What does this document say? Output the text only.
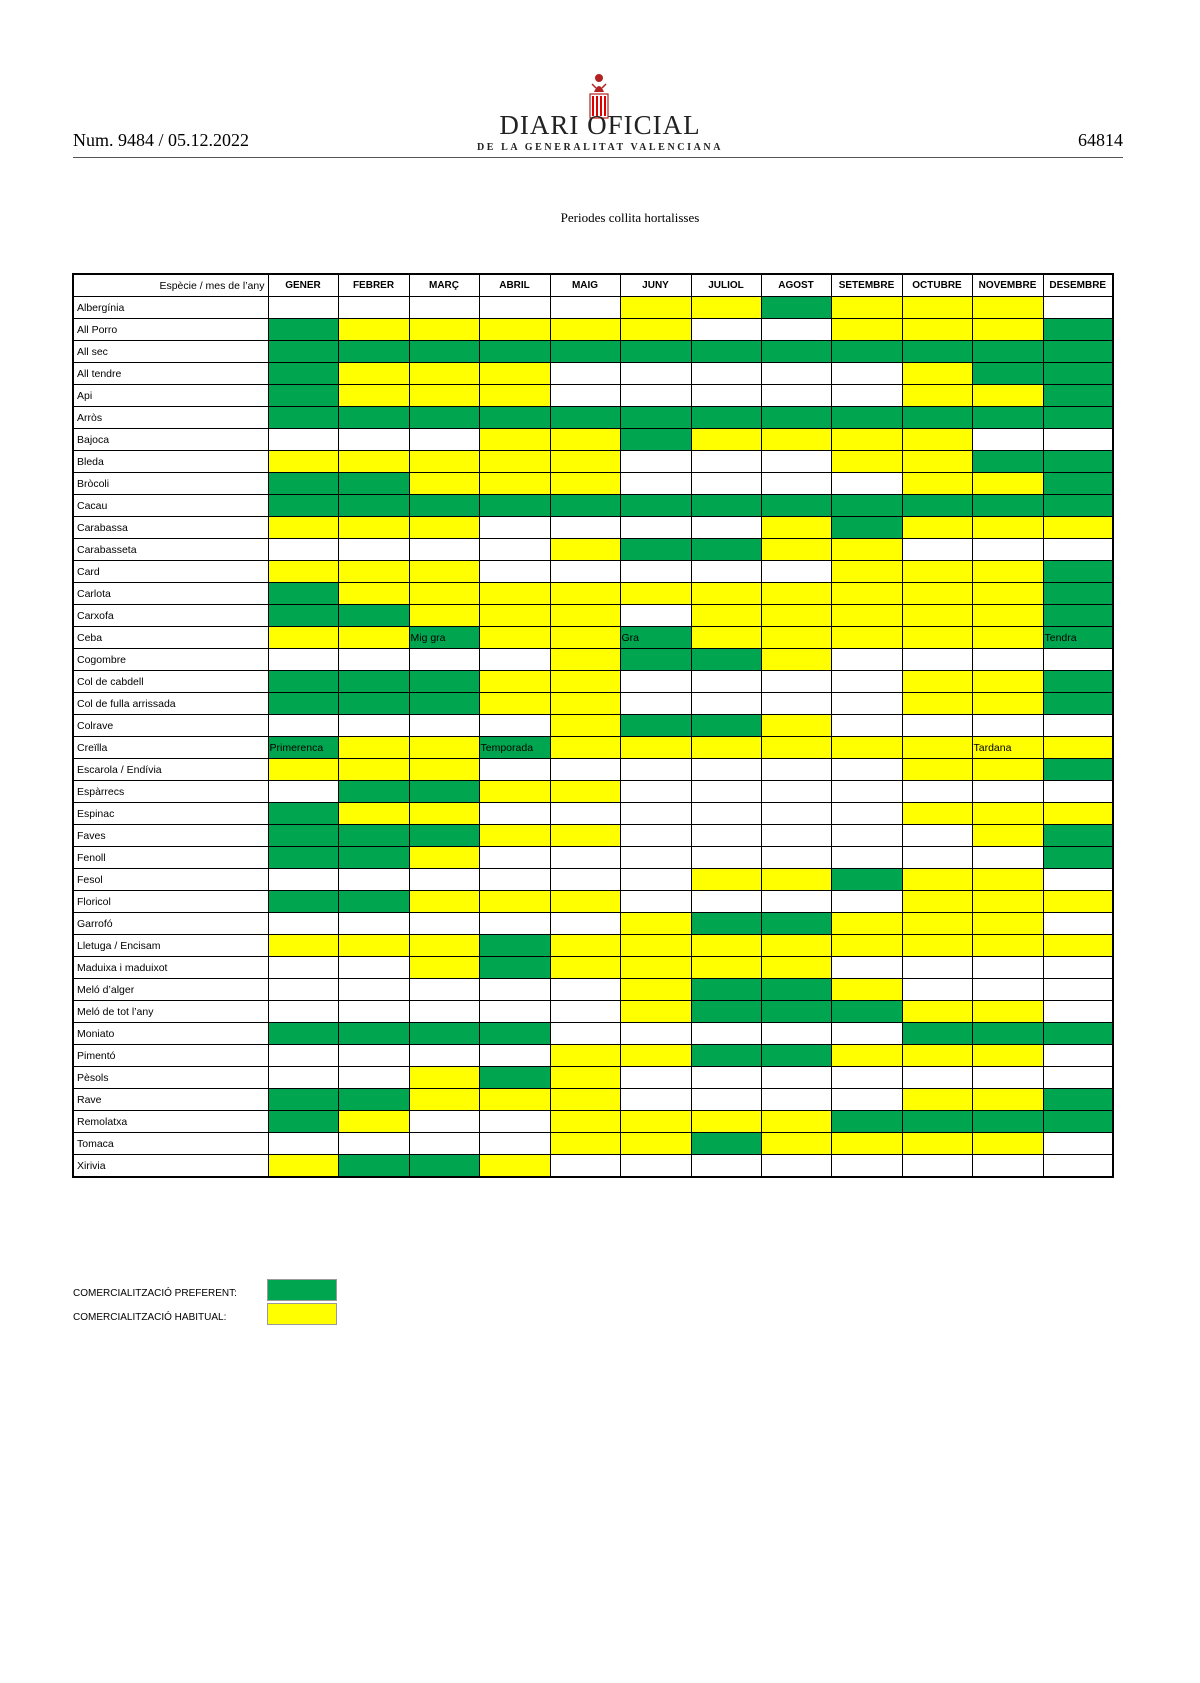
Num. 9484 / 05.12.2022	64814
DIARI OFICIAL
DE LA GENERALITAT VALENCIANA
Periodes collita hortalisses
Espècie / mes de l’any	GENER	FEBRER	MARÇ	ABRIL	MAIG	JUNY	JULIOL	AGOST	SETEMBRE	OCTUBRE	NOVEMBRE	DESEMBRE
Albergínia												
All Porro												
All sec												
All tendre												
Api												
Arròs												
Bajoca												
Bleda												
Bròcoli												
Cacau												
Carabassa												
Carabasseta												
Card												
Carlota												
Carxofa												
Ceba			Mig gra			Gra						Tendra
Cogombre												
Col de cabdell												
Col de fulla arrissada												
Colrave												
Creïlla	Primerenca			Temporada							Tardana	
Escarola / Endívia												
Espàrrecs												
Espinac												
Faves												
Fenoll												
Fesol												
Floricol												
Garrofó												
Lletuga / Encisam												
Maduixa i maduixot												
Meló d’alger												
Meló de tot l’any												
Moniato												
Pimentó												
Pèsols												
Rave												
Remolatxa												
Tomaca												
Xirivia												
COMERCIALITZACIÓ PREFERENT:
COMERCIALITZACIÓ HABITUAL:
